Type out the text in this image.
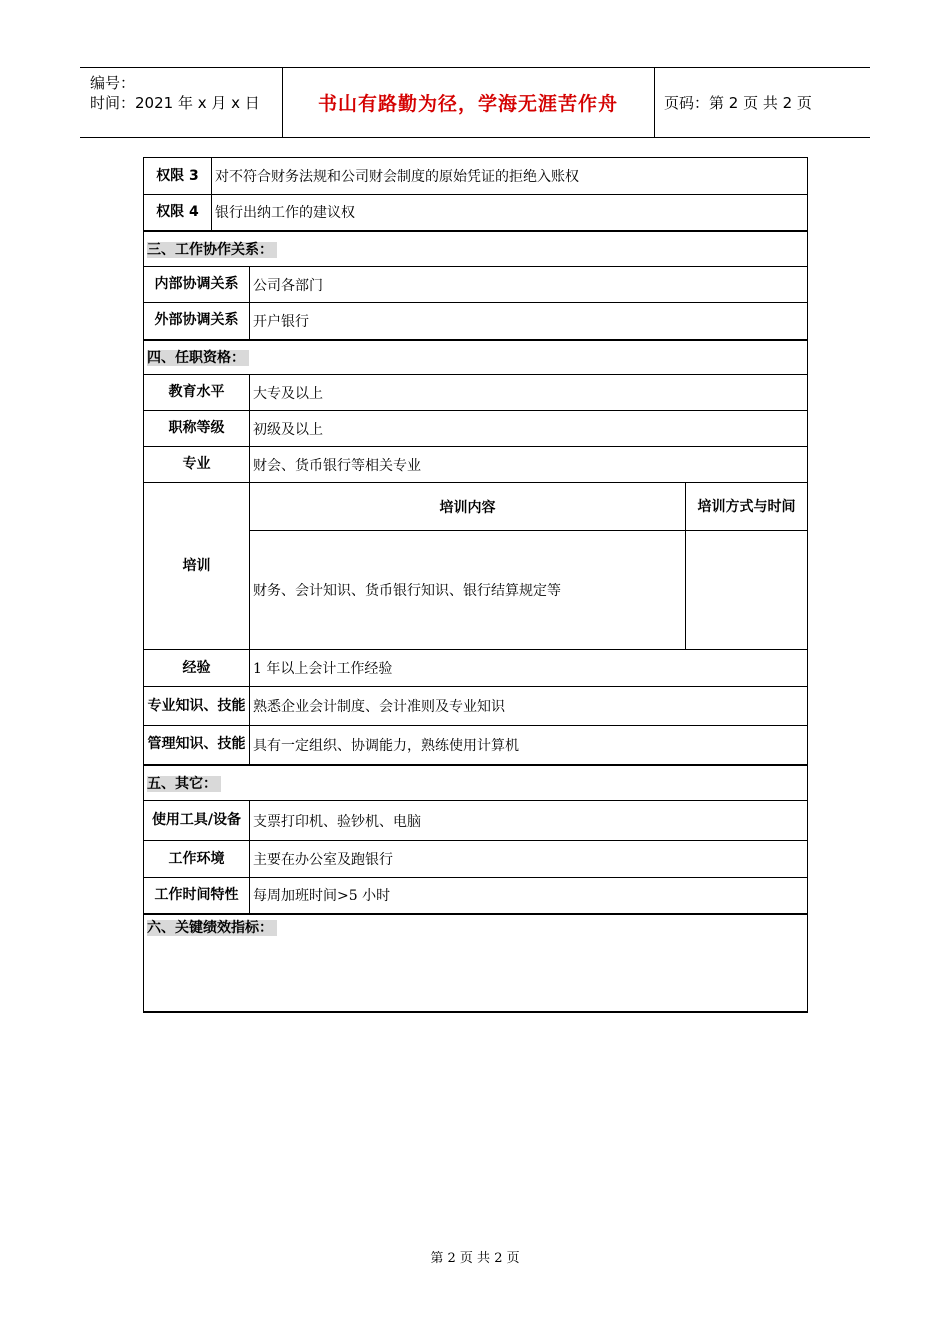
编号：
时间：2021 年 x 月 x 日	书山有路勤为径，学海无涯苦作舟	页码：第 2 页 共 2 页
权限 3	对不符合财务法规和公司财会制度的原始凭证的拒绝入账权		
权限 4	银行出纳工作的建议权		
三、工作协作关系：			
内部协调关系		公司各部门	
外部协调关系		开户银行	
四、任职资格：			
教育水平		大专及以上	
职称等级		初级及以上	
专业		财会、货币银行等相关专业	
培训		培训内容	培训方式与时间
		财务、会计知识、货币银行知识、银行结算规定等	
经验		1 年以上会计工作经验	
专业知识、技能		熟悉企业会计制度、会计准则及专业知识	
管理知识、技能		具有一定组织、协调能力，熟练使用计算机	
五、其它：			
使用工具/设备		支票打印机、验钞机、电脑	
工作环境		主要在办公室及跑银行	
工作时间特性		每周加班时间>5 小时	
六、关键绩效指标：			
第 2 页 共 2 页
